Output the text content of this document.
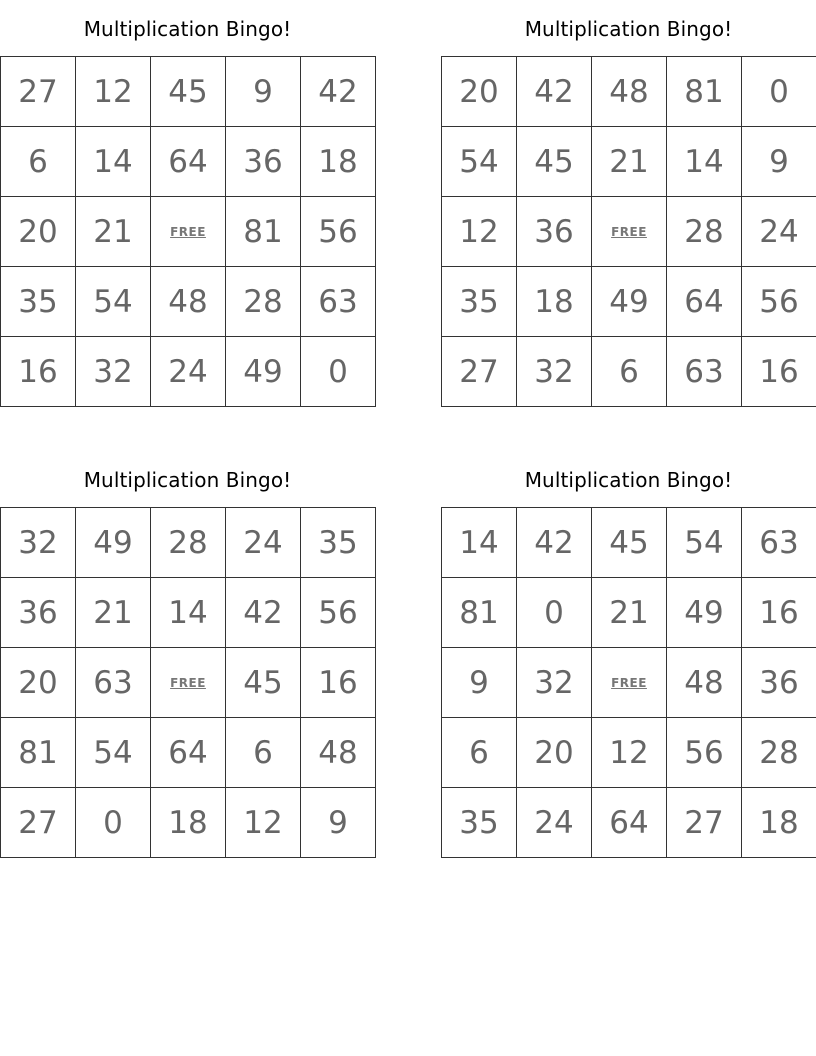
Multiplication Bingo!
27	12	45	9	42
6	14	64	36	18
20	21	FREE	81	56
35	54	48	28	63
16	32	24	49	0
Multiplication Bingo!
20	42	48	81	0
54	45	21	14	9
12	36	FREE	28	24
35	18	49	64	56
27	32	6	63	16
Multiplication Bingo!
32	49	28	24	35
36	21	14	42	56
20	63	FREE	45	16
81	54	64	6	48
27	0	18	12	9
Multiplication Bingo!
14	42	45	54	63
81	0	21	49	16
9	32	FREE	48	36
6	20	12	56	28
35	24	64	27	18
